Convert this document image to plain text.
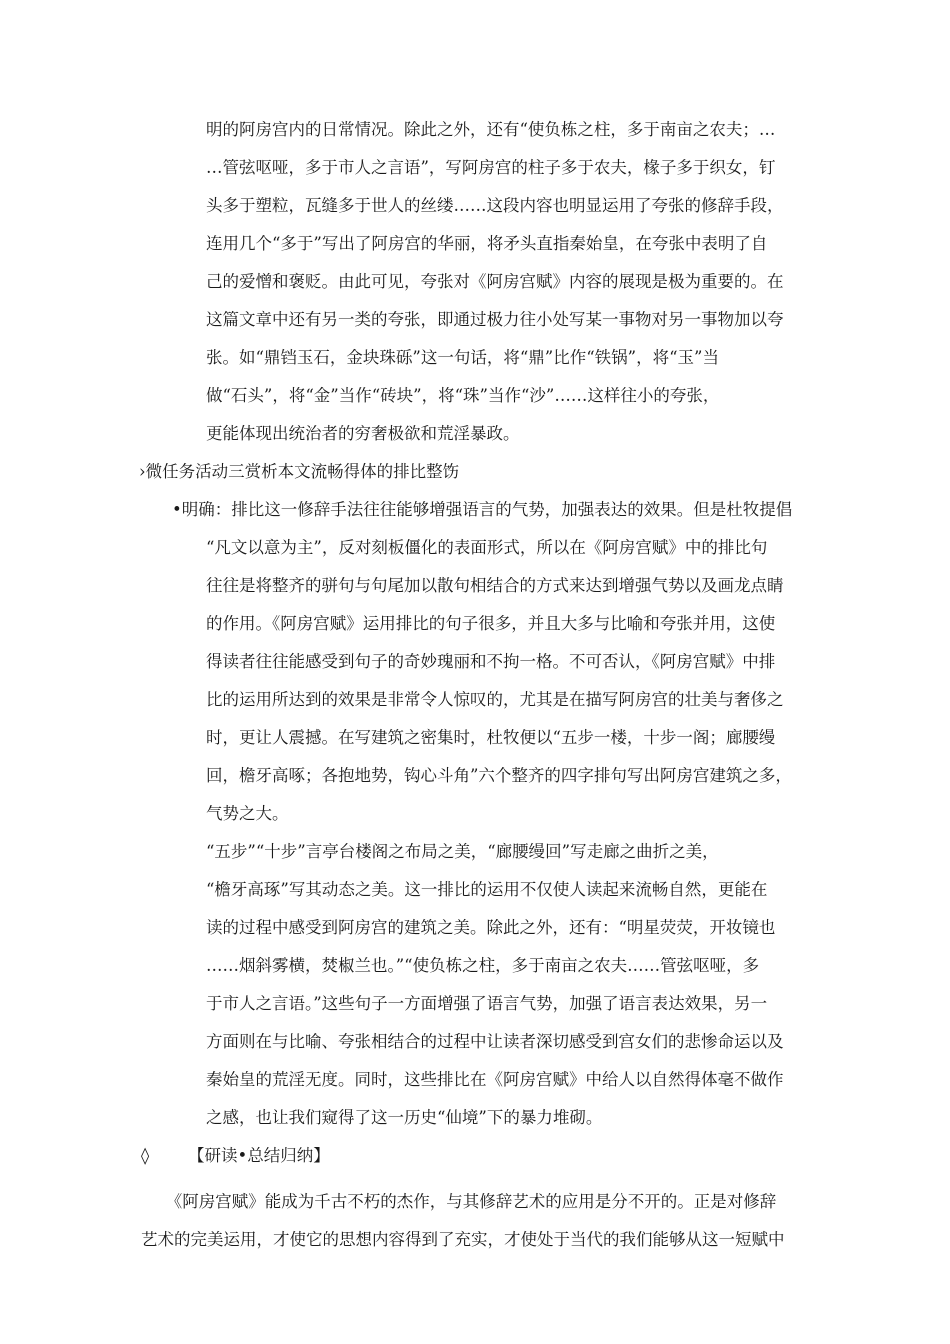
明的阿房宫内的日常情况。除此之外，还有“使负栋之柱，多于南亩之农夫；…
…管弦呕哑，多于市人之言语”，写阿房宫的柱子多于农夫，椽子多于织女，钉
头多于塑粒，瓦缝多于世人的丝缕……这段内容也明显运用了夸张的修辞手段，
连用几个“多于”写出了阿房宫的华丽，将矛头直指秦始皇，在夸张中表明了自
己的爱憎和褒贬。由此可见，夸张对《阿房宫赋》内容的展现是极为重要的。在
这篇文章中还有另一类的夸张，即通过极力往小处写某一事物对另一事物加以夸
张。如“鼎铛玉石，金块珠砾”这一句话，将“鼎”比作“铁锅”，将“玉”当
做“石头”，将“金”当作“砖块”，将“珠”当作“沙”……这样往小的夸张，
更能体现出统治者的穷奢极欲和荒淫暴政。
›微任务活动三赏析本文流畅得体的排比整饬
•明确：排比这一修辞手法往往能够增强语言的气势，加强表达的效果。但是杜牧提倡
“凡文以意为主”，反对刻板僵化的表面形式，所以在《阿房宫赋》中的排比句
往往是将整齐的骈句与句尾加以散句相结合的方式来达到增强气势以及画龙点睛
的作用。《阿房宫赋》运用排比的句子很多，并且大多与比喻和夸张并用，这使
得读者往往能感受到句子的奇妙瑰丽和不拘一格。不可否认，《阿房宫赋》中排
比的运用所达到的效果是非常令人惊叹的，尤其是在描写阿房宫的壮美与奢侈之
时，更让人震撼。在写建筑之密集时，杜牧便以“五步一楼，十步一阁；廊腰缦
回，檐牙高啄；各抱地势，钩心斗角”六个整齐的四字排句写出阿房宫建筑之多，
气势之大。
“五步”“十步”言亭台楼阁之布局之美，“廊腰缦回”写走廊之曲折之美，
“檐牙高琢”写其动态之美。这一排比的运用不仅使人读起来流畅自然，更能在
读的过程中感受到阿房宫的建筑之美。除此之外，还有：“明星荧荧，开妆镜也
……烟斜雾横，焚椒兰也。”“使负栋之柱，多于南亩之农夫……管弦呕哑，多
于市人之言语。”这些句子一方面增强了语言气势，加强了语言表达效果，另一
方面则在与比喻、夸张相结合的过程中让读者深切感受到宫女们的悲惨命运以及
秦始皇的荒淫无度。同时，这些排比在《阿房宫赋》中给人以自然得体毫不做作
之感，也让我们窥得了这一历史“仙境”下的暴力堆砌。
◊ 【研读•总结归纳】
　　《阿房宫赋》能成为千古不朽的杰作，与其修辞艺术的应用是分不开的。正是对修辞
艺术的完美运用，才使它的思想内容得到了充实，才使处于当代的我们能够从这一短赋中
